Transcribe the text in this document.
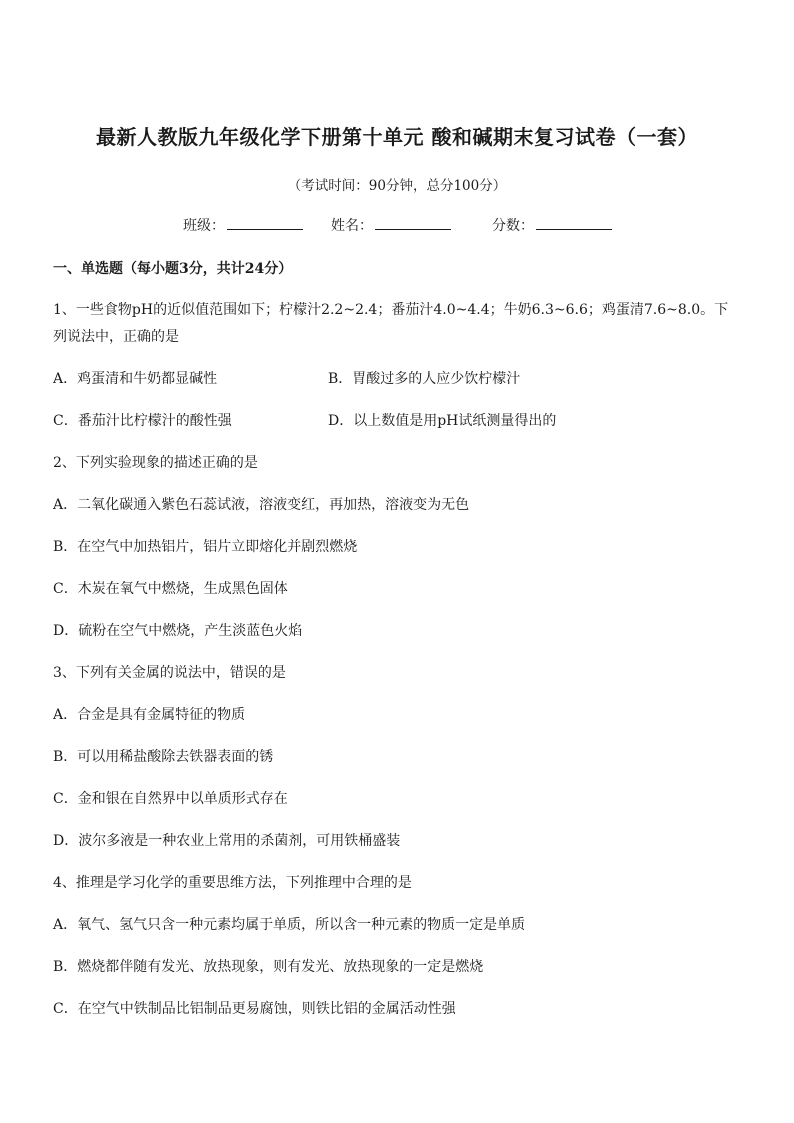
最新人教版九年级化学下册第十单元 酸和碱期末复习试卷（一套）
（考试时间：90分钟，总分100分）
班级：	姓名：	分数：
一、单选题（每小题3分，共计24分）
1、一些食物pH的近似值范围如下；柠檬汁2.2~2.4；番茄汁4.0~4.4；牛奶6.3~6.6；鸡蛋清7.6~8.0。下
列说法中，正确的是
A．鸡蛋清和牛奶都显碱性	B．胃酸过多的人应少饮柠檬汁
C．番茄汁比柠檬汁的酸性强	D．以上数值是用pH试纸测量得出的
2、下列实验现象的描述正确的是
A．二氧化碳通入紫色石蕊试液，溶液变红，再加热，溶液变为无色
B．在空气中加热铝片，铝片立即熔化并剧烈燃烧
C．木炭在氧气中燃烧，生成黑色固体
D．硫粉在空气中燃烧，产生淡蓝色火焰
3、下列有关金属的说法中，错误的是
A．合金是具有金属特征的物质
B．可以用稀盐酸除去铁器表面的锈
C．金和银在自然界中以单质形式存在
D．波尔多液是一种农业上常用的杀菌剂，可用铁桶盛装
4、推理是学习化学的重要思维方法，下列推理中合理的是
A．氧气、氢气只含一种元素均属于单质，所以含一种元素的物质一定是单质
B．燃烧都伴随有发光、放热现象，则有发光、放热现象的一定是燃烧
C．在空气中铁制品比铝制品更易腐蚀，则铁比铝的金属活动性强
